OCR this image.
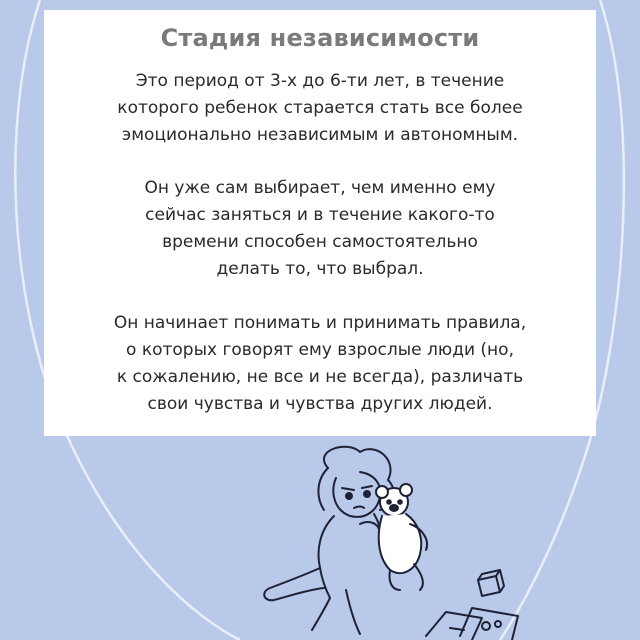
Стадия независимости

Это период от 3-х до 6-ти лет, в течение
которого ребенок старается стать все более
эмоционально независимым и автономным.

Он уже сам выбирает, чем именно ему
сейчас заняться и в течение какого-то
времени способен самостоятельно
делать то, что выбрал.

Он начинает понимать и принимать правила,
о которых говорят ему взрослые люди (но,
к сожалению, не все и не всегда), различать
свои чувства и чувства других людей.
